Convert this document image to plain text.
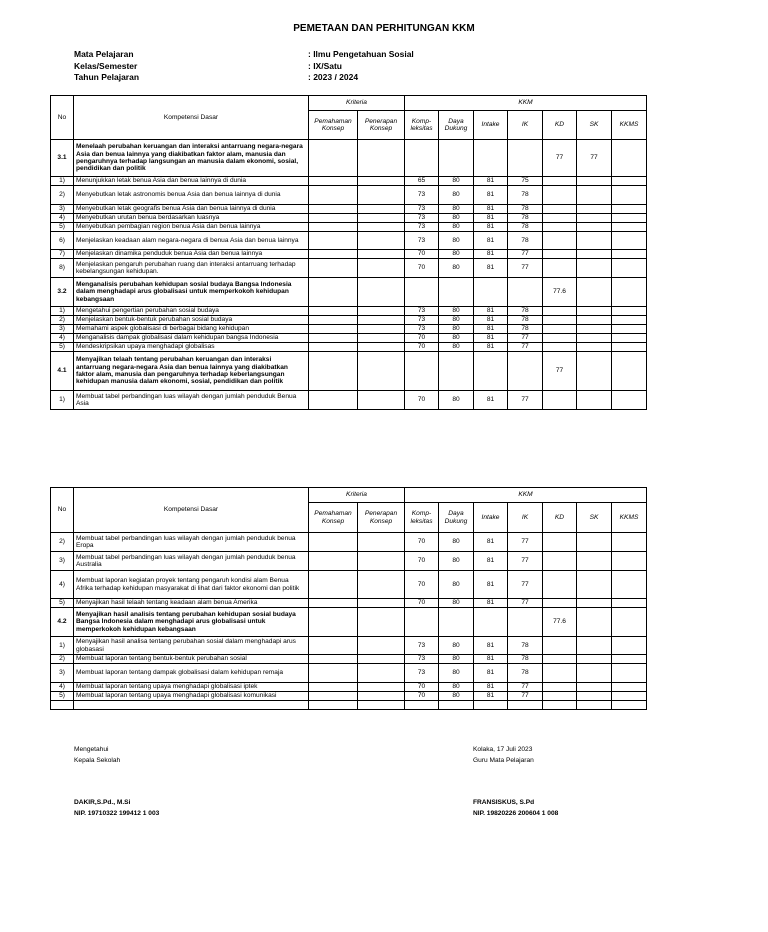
PEMETAAN DAN PERHITUNGAN KKM
Mata Pelajaran	: Ilmu Pengetahuan Sosial
Kelas/Semester	: IX/Satu
Tahun Pelajaran	: 2023 / 2024
No	Kompetensi Dasar	Kriteria		KKM						
		Pemahaman Konsep	Penerapan Konsep	Komp- leksitas	Daya Dukung	Intake	IK	KD	SK	KKMS
3.1	Menelaah perubahan keruangan dan interaksi antarruang negara-negara Asia dan benua lainnya yang diakibatkan faktor alam, manusia dan pengaruhnya terhadap langsungan an manusia dalam ekonomi, sosial, pendidikan dan politik							77	77	
1)	Menunjukkan letak benua Asia dan benua lainnya di dunia			65	80	81	75			
2)	Menyebutkan letak astronomis benua Asia dan benua lainnya di dunia			73	80	81	78			
3)	Menyebutkan letak geografis benua Asia dan benua lainnya di dunia			73	80	81	78			
4)	Menyebutkan urutan benua berdasarkan luasnya			73	80	81	78			
5)	Menyebutkan pembagian region benua Asia dan benua lainnya			73	80	81	78			
6)	Menjelaskan keadaan alam negara-negara di benua Asia dan benua lainnya			73	80	81	78			
7)	Menjelaskan dinamika penduduk benua Asia dan benua lainnya			70	80	81	77			
8)	Menjelaskan pengaruh perubahan ruang dan interaksi antarruang terhadap kebelangsungan kehidupan.			70	80	81	77			
3.2	Menganalisis perubahan kehidupan sosial budaya Bangsa Indonesia dalam menghadapi arus globalisasi untuk memperkokoh kehidupan kebangsaan							77.6		
1)	Mengetahui pengertian perubahan sosial budaya			73	80	81	78			
2)	Menjelaskan bentuk-bentuk perubahan sosial budaya			73	80	81	78			
3)	Memahami aspek globalisasi di berbagai bidang kehidupan			73	80	81	78			
4)	Menganalisis dampak globalisasi dalam kehidupan bangsa Indonesia			70	80	81	77			
5)	Mendeskripsikan upaya menghadapi globalisas			70	80	81	77			
4.1	Menyajikan telaah tentang perubahan keruangan dan interaksi antarruang negara-negara Asia dan benua lainnya yang diakibatkan faktor alam, manusia dan pengaruhnya terhadap keberlangsungan kehidupan manusia dalam ekonomi, sosial, pendidikan dan politik							77		
1)	Membuat tabel perbandingan luas wilayah dengan jumlah penduduk Benua Asia			70	80	81	77			
No	Kompetensi Dasar	Kriteria		KKM						
		Pemahaman Konsep	Penerapan Konsep	Komp- leksitas	Daya Dukung	Intake	IK	KD	SK	KKMS
2)	Membuat tabel perbandingan luas wilayah dengan jumlah penduduk benua Eropa			70	80	81	77			
3)	Membuat tabel perbandingan luas wilayah dengan jumlah penduduk benua Australia			70	80	81	77			
4)	Membuat laporan kegiatan proyek tentang pengaruh kondisi alam Benua Afrika terhadap kehidupan masyarakat di lihat dari faktor ekonomi dan politik			70	80	81	77			
5)	Menyajikan hasil telaah tentang keadaan alam benua Amerika			70	80	81	77			
4.2	Menyajikan hasil analisis tentang perubahan kehidupan sosial budaya Bangsa Indonesia dalam menghadapi arus globalisasi untuk memperkokoh kehidupan kebangsaan							77.6		
1)	Menyajikan hasil analisa tentang perubahan sosial dalam menghadapi arus globasasi			73	80	81	78			
2)	Membuat laporan tentang bentuk-bentuk perubahan sosial			73	80	81	78			
3)	Membuat laporan tentang dampak globalisasi dalam kehidupan remaja			73	80	81	78			
4)	Membuat laporan tentang upaya menghadapi globalisasi iptek			70	80	81	77			
5)	Membuat laporan tentang upaya menghadapi globalisasi komunikasi			70	80	81	77			

Mengetahui
Kepala Sekolah
DAKIR,S.Pd., M.Si
NIP. 19710322 199412 1 003
Kolaka, 17 Juli 2023
Guru Mata Pelajaran
FRANSISKUS, S.Pd
NIP. 19820226 200604 1 008
